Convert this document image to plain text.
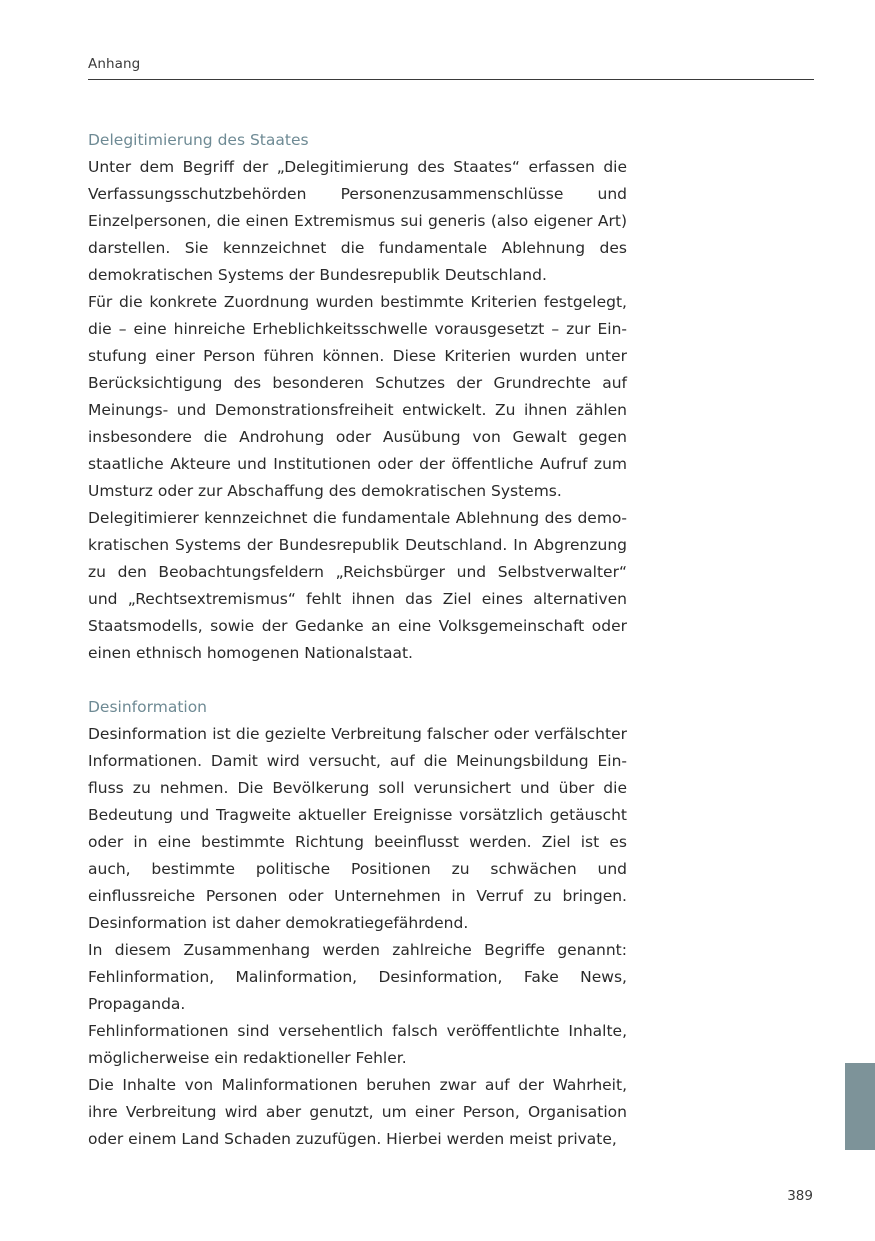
Anhang
Delegitimierung des Staates

Unter dem Begriff der „Delegitimierung des Staates“ erfassen die Verfassungsschutzbehörden Personenzusammenschlüsse und Einzelpersonen, die einen Extremismus sui generis (also eigener Art) darstellen. Sie kennzeichnet die fundamentale Ablehnung des demokratischen Systems der Bundesrepublik Deutschland.

Für die konkrete Zuordnung wurden bestimmte Kriterien festgelegt, die – eine hinreiche Erheblichkeitsschwelle vorausgesetzt – zur Einstufung einer Person führen können. Diese Kriterien wurden unter Berücksichtigung des besonderen Schutzes der Grundrechte auf Meinungs- und Demonstrationsfreiheit entwickelt. Zu ihnen zählen insbesondere die Androhung oder Ausübung von Gewalt gegen staatliche Akteure und Institutionen oder der öffentliche Aufruf zum Umsturz oder zur Abschaffung des demokratischen Systems.

Delegitimierer kennzeichnet die fundamentale Ablehnung des demokratischen Systems der Bundesrepublik Deutschland. In Abgrenzung zu den Beobachtungsfeldern „Reichsbürger und Selbstverwalter“ und „Rechtsextremismus“ fehlt ihnen das Ziel eines alternativen Staatsmodells, sowie der Gedanke an eine Volksgemeinschaft oder einen ethnisch homogenen Nationalstaat.

Desinformation

Desinformation ist die gezielte Verbreitung falscher oder verfälschter Informationen. Damit wird versucht, auf die Meinungsbildung Einfluss zu nehmen. Die Bevölkerung soll verunsichert und über die Bedeutung und Tragweite aktueller Ereignisse vorsätzlich getäuscht oder in eine bestimmte Richtung beeinflusst werden. Ziel ist es auch, bestimmte politische Positionen zu schwächen und einflussreiche Personen oder Unternehmen in Verruf zu bringen. Desinformation ist daher demokratiegefährdend.

In diesem Zusammenhang werden zahlreiche Begriffe genannt: Fehlinformation, Malinformation, Desinformation, Fake News, Propaganda.

Fehlinformationen sind versehentlich falsch veröffentlichte Inhalte, möglicherweise ein redaktioneller Fehler.

Die Inhalte von Malinformationen beruhen zwar auf der Wahrheit, ihre Verbreitung wird aber genutzt, um einer Person, Organisation oder einem Land Schaden zuzufügen. Hierbei werden meist private,

389
